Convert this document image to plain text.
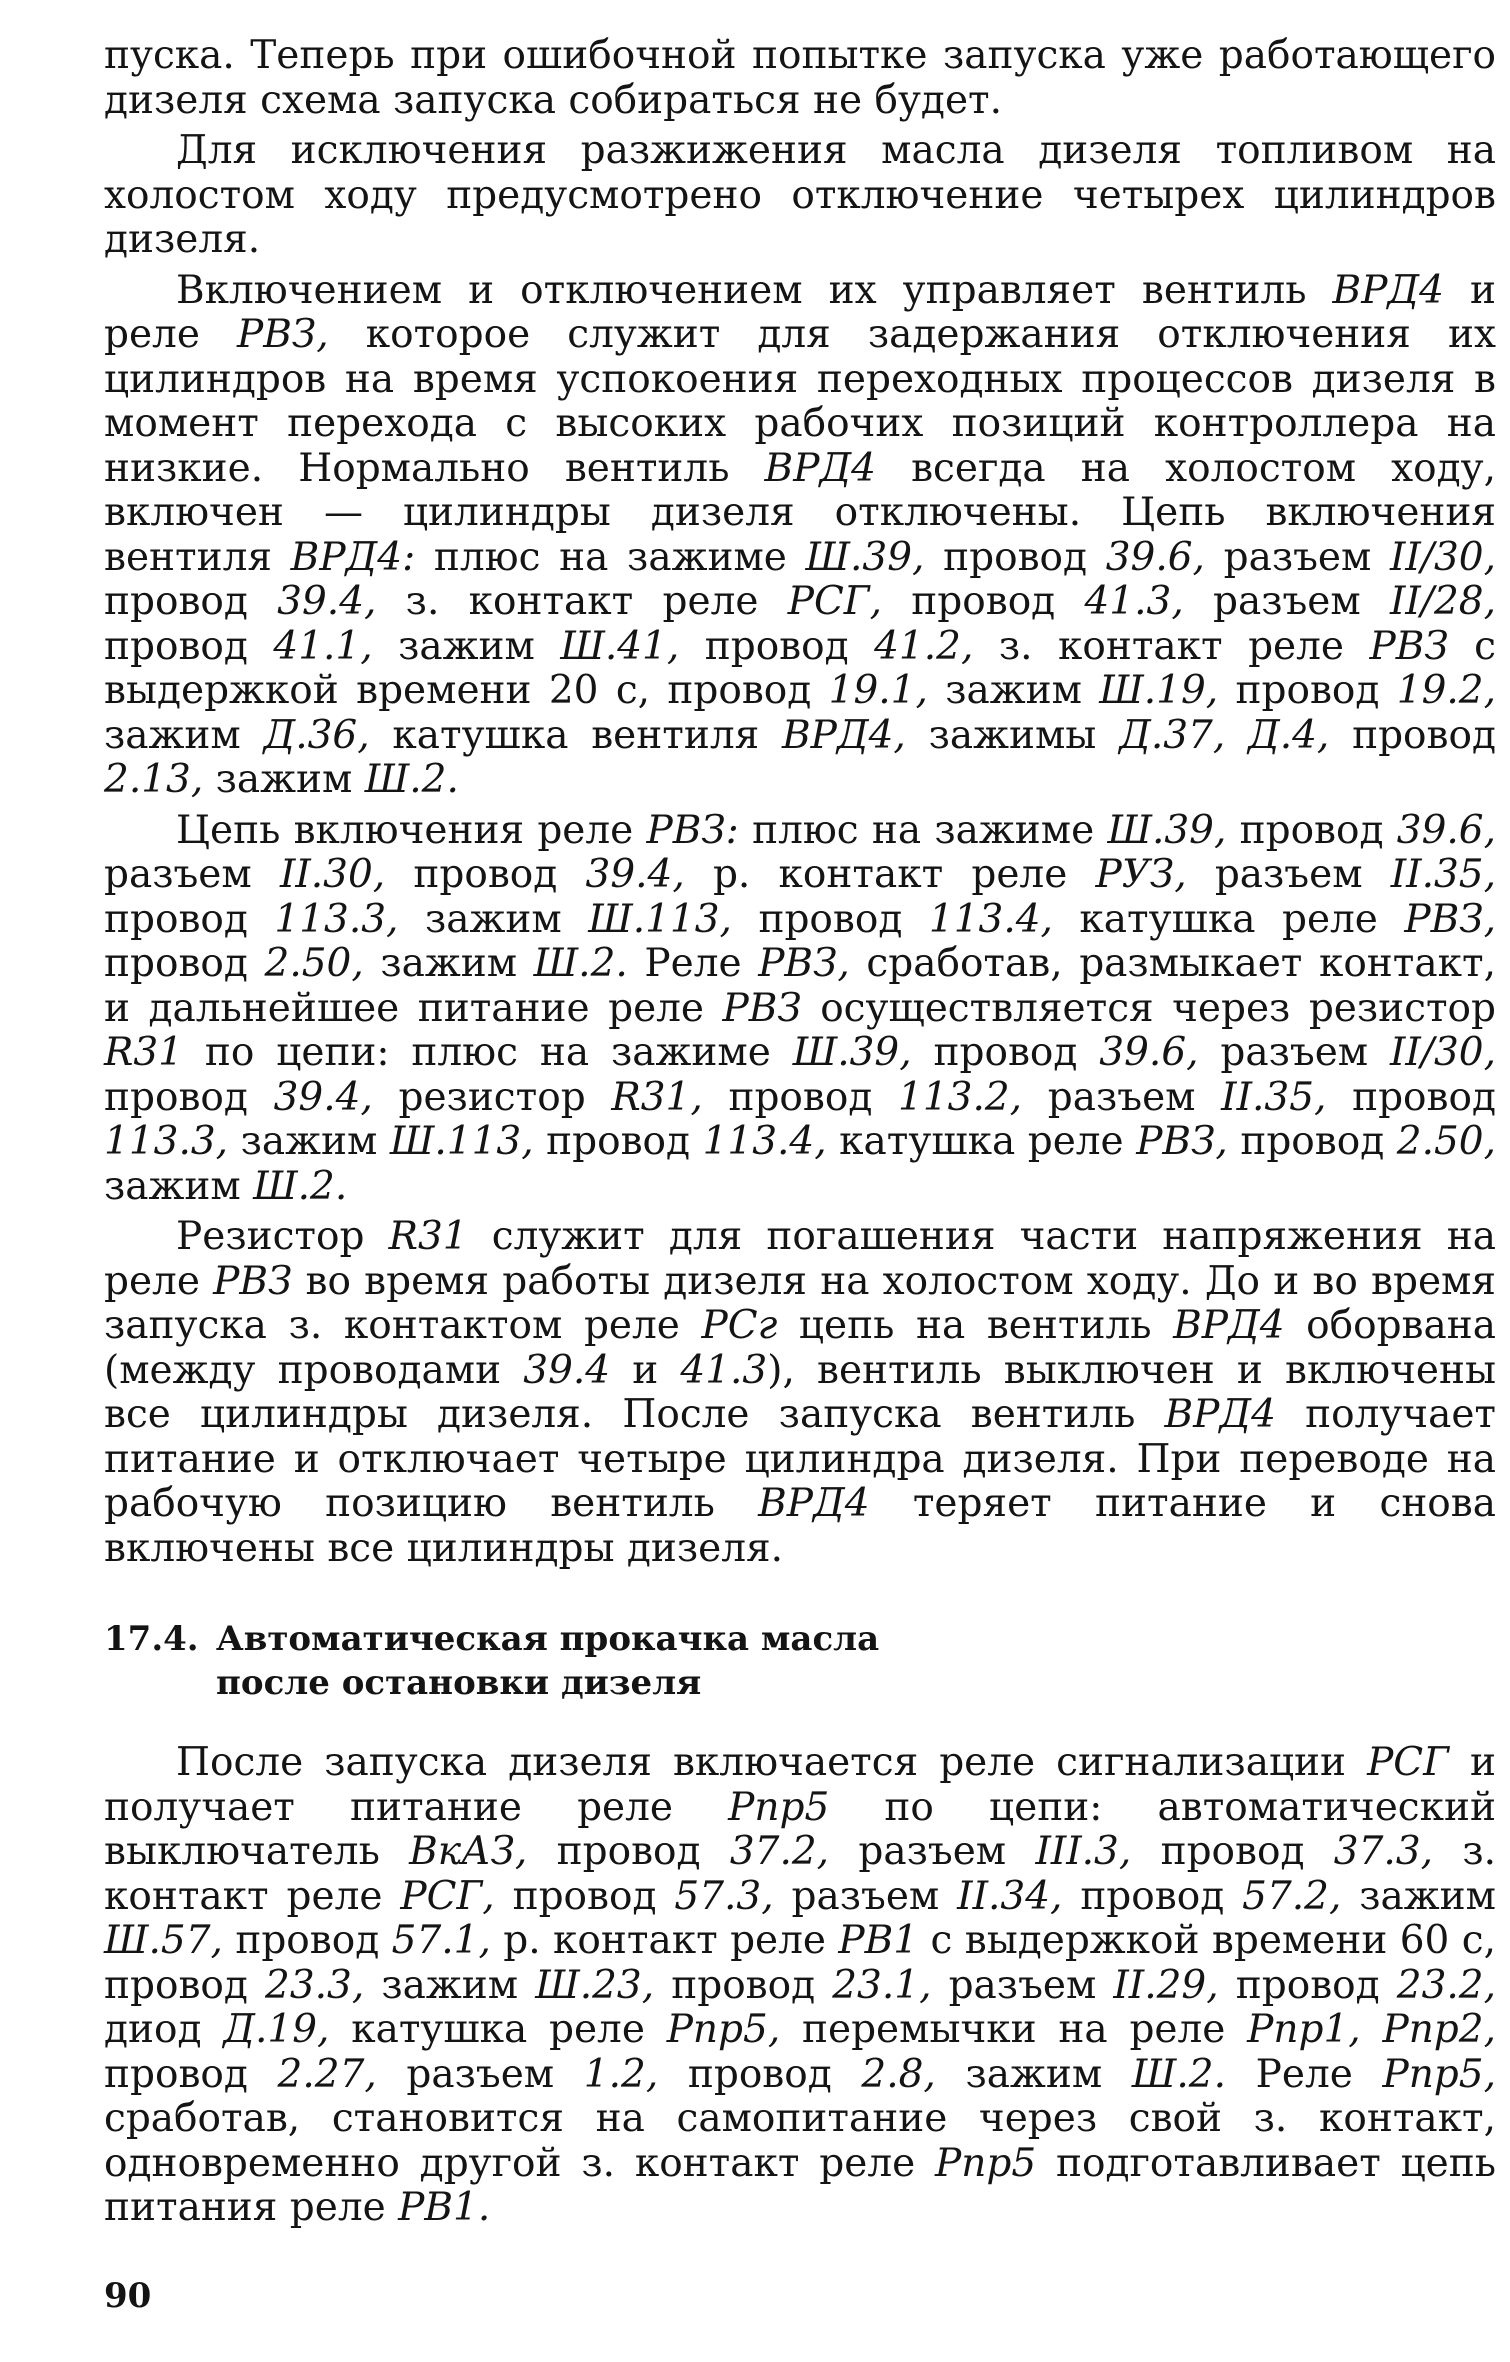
пуска. Теперь при ошибочной попытке запуска уже работающего дизеля схема запуска собираться не будет.

Для исключения разжижения масла дизеля топливом на холостом ходу предусмотрено отключение четырех цилиндров дизеля.

Включением и отключением их управляет вентиль ВРД4 и реле РВЗ, которое служит для задержания отключения их цилиндров на время успокоения переходных процессов дизеля в момент перехода с высоких рабочих позиций контроллера на низкие. Нормально вентиль ВРД4 всегда на холостом ходу, включен — цилиндры дизеля отключены. Цепь включения вентиля ВРД4: плюс на зажиме Ш.39, провод 39.6, разъем II/30, провод 39.4, з. контакт реле РСГ, провод 41.3, разъем II/28, провод 41.1, зажим Ш.41, провод 41.2, з. контакт реле РВЗ с выдержкой времени 20 с, провод 19.1, зажим Ш.19, провод 19.2, зажим Д.36, катушка вентиля ВРД4, зажимы Д.37, Д.4, провод 2.13, зажим Ш.2.

Цепь включения реле РВЗ: плюс на зажиме Ш.39, провод 39.6, разъем II.30, провод 39.4, р. контакт реле РУЗ, разъем II.35, провод 113.3, зажим Ш.113, провод 113.4, катушка реле РВЗ, провод 2.50, зажим Ш.2. Реле РВЗ, сработав, размыкает контакт, и дальнейшее питание реле РВЗ осуществляется через резистор R31 по цепи: плюс на зажиме Ш.39, провод 39.6, разъем II/30, провод 39.4, резистор R31, провод 113.2, разъем II.35, провод 113.3, зажим Ш.113, провод 113.4, катушка реле РВЗ, провод 2.50, зажим Ш.2.

Резистор R31 служит для погашения части напряжения на реле РВЗ во время работы дизеля на холостом ходу. До и во время запуска з. контактом реле РСг цепь на вентиль ВРД4 оборвана (между проводами 39.4 и 41.3), вентиль выключен и включены все цилиндры дизеля. После запуска вентиль ВРД4 получает питание и отключает четыре цилиндра дизеля. При переводе на рабочую позицию вентиль ВРД4 теряет питание и снова включены все цилиндры дизеля.

17.4. Автоматическая прокачка масла
после остановки дизеля

После запуска дизеля включается реле сигнализации РСГ и получает питание реле Рпр5 по цепи: автоматический выключатель ВкАЗ, провод 37.2, разъем III.3, провод 37.3, з. контакт реле РСГ, провод 57.3, разъем II.34, провод 57.2, зажим Ш.57, провод 57.1, р. контакт реле РВ1 с выдержкой времени 60 с, провод 23.3, зажим Ш.23, провод 23.1, разъем II.29, провод 23.2, диод Д.19, катушка реле Рпр5, перемычки на реле Рпр1, Рпр2, провод 2.27, разъем 1.2, провод 2.8, зажим Ш.2. Реле Рпр5, сработав, становится на самопитание через свой з. контакт, одновременно другой з. контакт реле Рпр5 подготавливает цепь питания реле РВ1.

90
